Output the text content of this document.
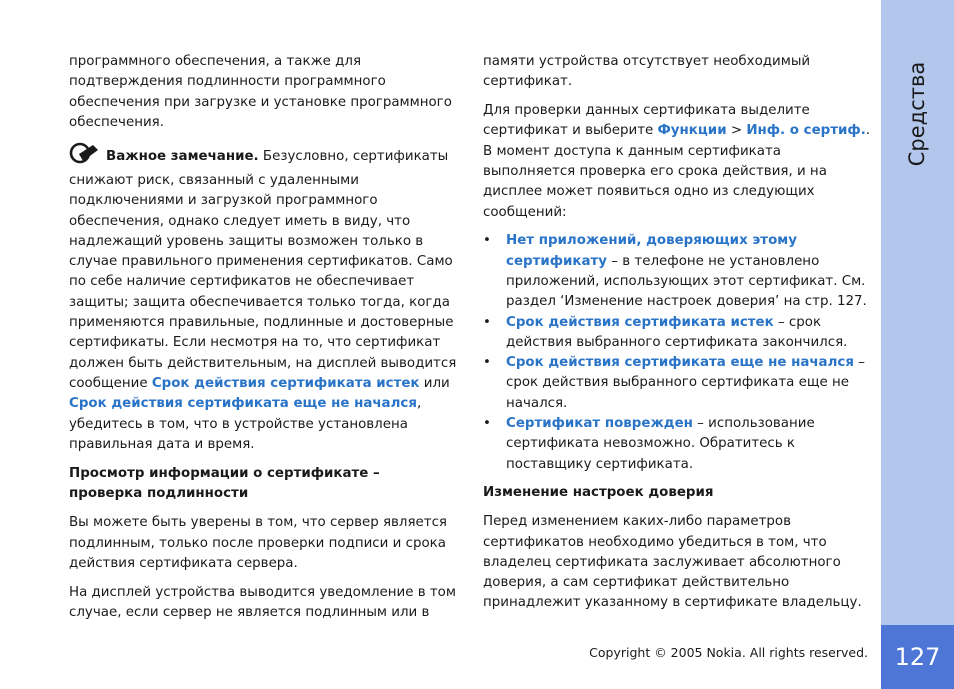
программного обеспечения, а также для подтверждения подлинности программного обеспечения при загрузке и установке программного обеспечения.

Важное замечание. Безусловно, сертификаты снижают риск, связанный с удаленными подключениями и загрузкой программного обеспечения, однако следует иметь в виду, что надлежащий уровень защиты возможен только в случае правильного применения сертификатов. Само по себе наличие сертификатов не обеспечивает защиты; защита обеспечивается только тогда, когда применяются правильные, подлинные и достоверные сертификаты. Если несмотря на то, что сертификат должен быть действительным, на дисплей выводится сообщение Срок действия сертификата истек или Срок действия сертификата еще не начался, убедитесь в том, что в устройстве установлена правильная дата и время.

Просмотр информации о сертификате – проверка подлинности

Вы можете быть уверены в том, что сервер является подлинным, только после проверки подписи и срока действия сертификата сервера.

На дисплей устройства выводится уведомление в том случае, если сервер не является подлинным или в

памяти устройства отсутствует необходимый сертификат.

Для проверки данных сертификата выделите сертификат и выберите Функции > Инф. о сертиф.. В момент доступа к данным сертификата выполняется проверка его срока действия, и на дисплее может появиться одно из следующих сообщений:

• Нет приложений, доверяющих этому сертификату – в телефоне не установлено приложений, использующих этот сертификат. См. раздел ‘Изменение настроек доверия’ на стр. 127.
• Срок действия сертификата истек – срок действия выбранного сертификата закончился.
• Срок действия сертификата еще не начался – срок действия выбранного сертификата еще не начался.
• Сертификат поврежден – использование сертификата невозможно. Обратитесь к поставщику сертификата.
Изменение настроек доверия

Перед изменением каких-либо параметров сертификатов необходимо убедиться в том, что владелец сертификата заслуживает абсолютного доверия, а сам сертификат действительно принадлежит указанному в сертификате владельцу.

Copyright © 2005 Nokia. All rights reserved.
Средства
127
